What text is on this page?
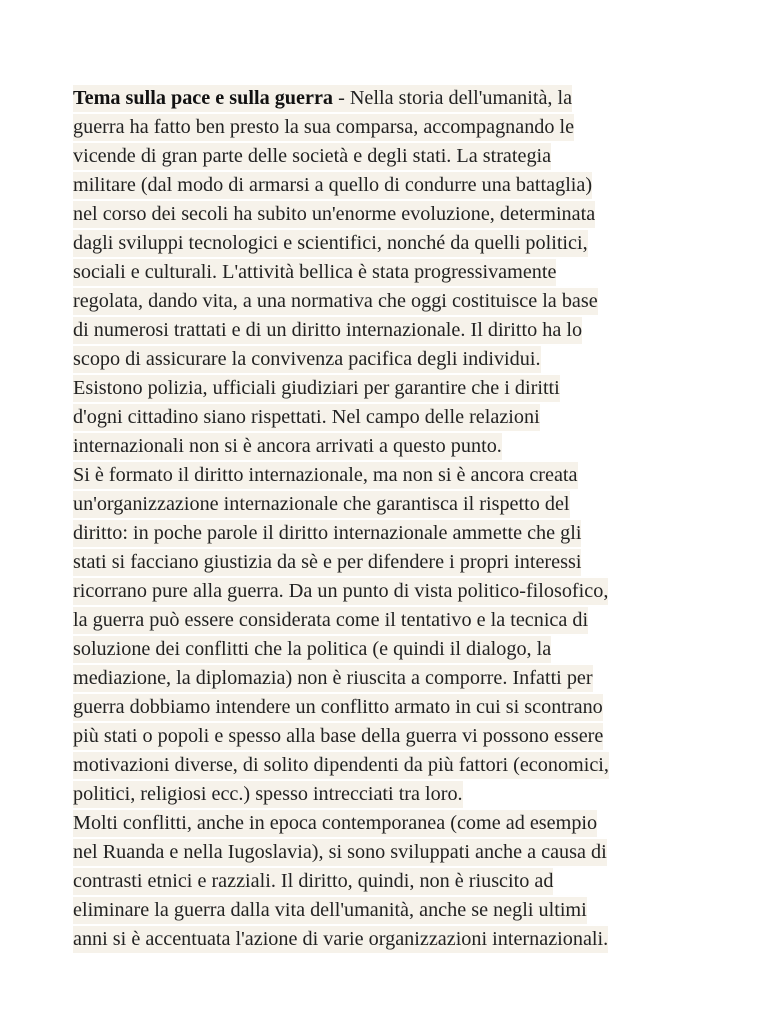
Tema sulla pace e sulla guerra - Nella storia dell'umanità, la
guerra ha fatto ben presto la sua comparsa, accompagnando le
vicende di gran parte delle società e degli stati. La strategia
militare (dal modo di armarsi a quello di condurre una battaglia)
nel corso dei secoli ha subito un'enorme evoluzione, determinata
dagli sviluppi tecnologici e scientifici, nonché da quelli politici,
sociali e culturali. L'attività bellica è stata progressivamente
regolata, dando vita, a una normativa che oggi costituisce la base
di numerosi trattati e di un diritto internazionale. Il diritto ha lo
scopo di assicurare la convivenza pacifica degli individui.
Esistono polizia, ufficiali giudiziari per garantire che i diritti
d'ogni cittadino siano rispettati. Nel campo delle relazioni
internazionali non si è ancora arrivati a questo punto.
Si è formato il diritto internazionale, ma non si è ancora creata
un'organizzazione internazionale che garantisca il rispetto del
diritto: in poche parole il diritto internazionale ammette che gli
stati si facciano giustizia da sè e per difendere i propri interessi
ricorrano pure alla guerra. Da un punto di vista politico-filosofico,
la guerra può essere considerata come il tentativo e la tecnica di
soluzione dei conflitti che la politica (e quindi il dialogo, la
mediazione, la diplomazia) non è riuscita a comporre. Infatti per
guerra dobbiamo intendere un conflitto armato in cui si scontrano
più stati o popoli e spesso alla base della guerra vi possono essere
motivazioni diverse, di solito dipendenti da più fattori (economici,
politici, religiosi ecc.) spesso intrecciati tra loro.
Molti conflitti, anche in epoca contemporanea (come ad esempio
nel Ruanda e nella Iugoslavia), si sono sviluppati anche a causa di
contrasti etnici e razziali. Il diritto, quindi, non è riuscito ad
eliminare la guerra dalla vita dell'umanità, anche se negli ultimi
anni si è accentuata l'azione di varie organizzazioni internazionali.
